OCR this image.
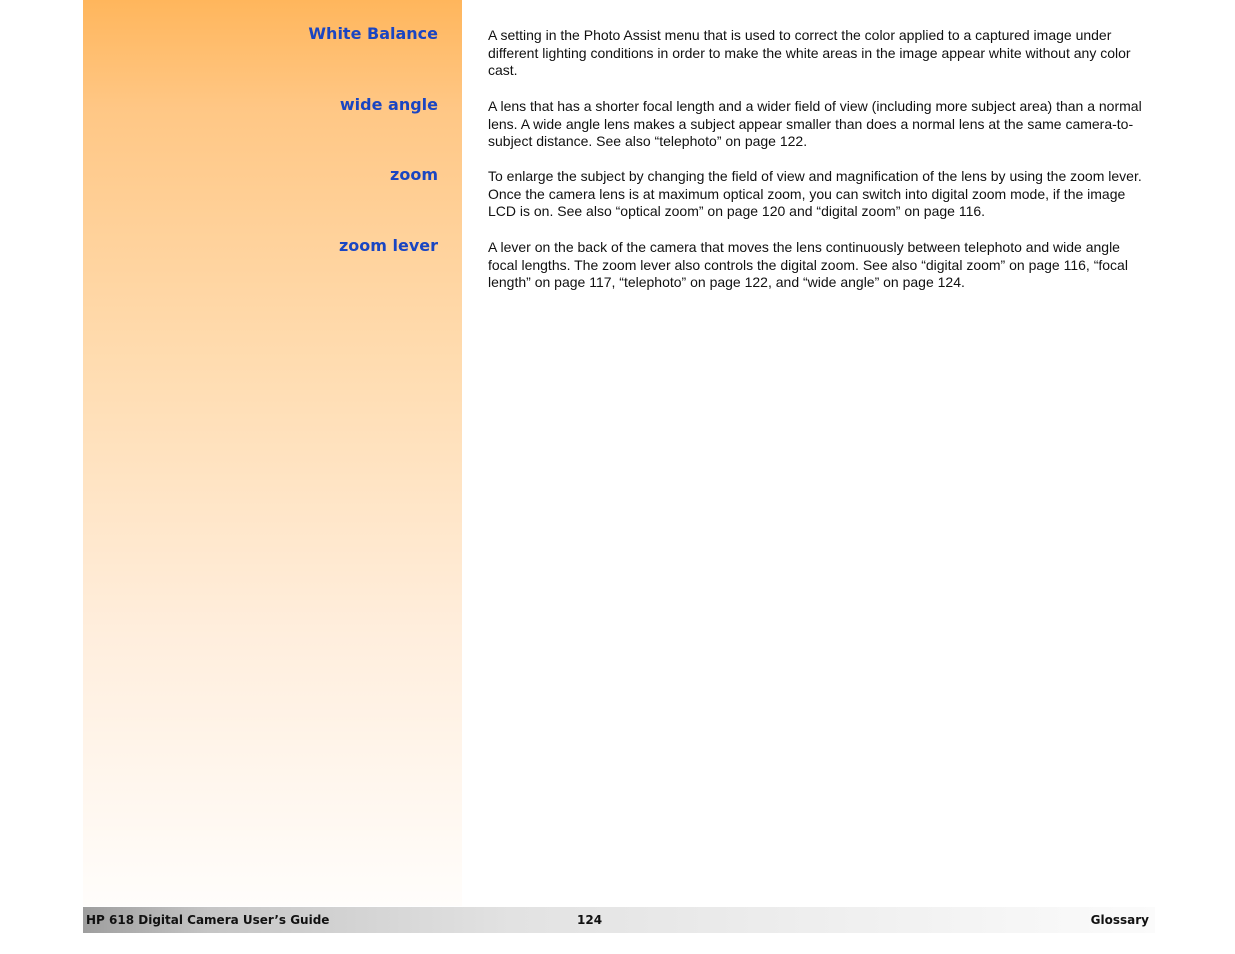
White Balance	A setting in the Photo Assist menu that is used to correct the color applied to a captured image under different lighting conditions in order to make the white areas in the image appear white without any color cast.
wide angle	A lens that has a shorter focal length and a wider field of view (including more subject area) than a normal lens. A wide angle lens makes a subject appear smaller than does a normal lens at the same camera-to-subject distance. See also “telephoto” on page 122.
zoom	To enlarge the subject by changing the field of view and magnification of the lens by using the zoom lever. Once the camera lens is at maximum optical zoom, you can switch into digital zoom mode, if the image LCD is on. See also “optical zoom” on page 120 and “digital zoom” on page 116.
zoom lever	A lever on the back of the camera that moves the lens continuously between telephoto and wide angle focal lengths. The zoom lever also controls the digital zoom. See also “digital zoom” on page 116, “focal length” on page 117, “telephoto” on page 122, and “wide angle” on page 124.
HP 618 Digital Camera User’s Guide	124	Glossary
